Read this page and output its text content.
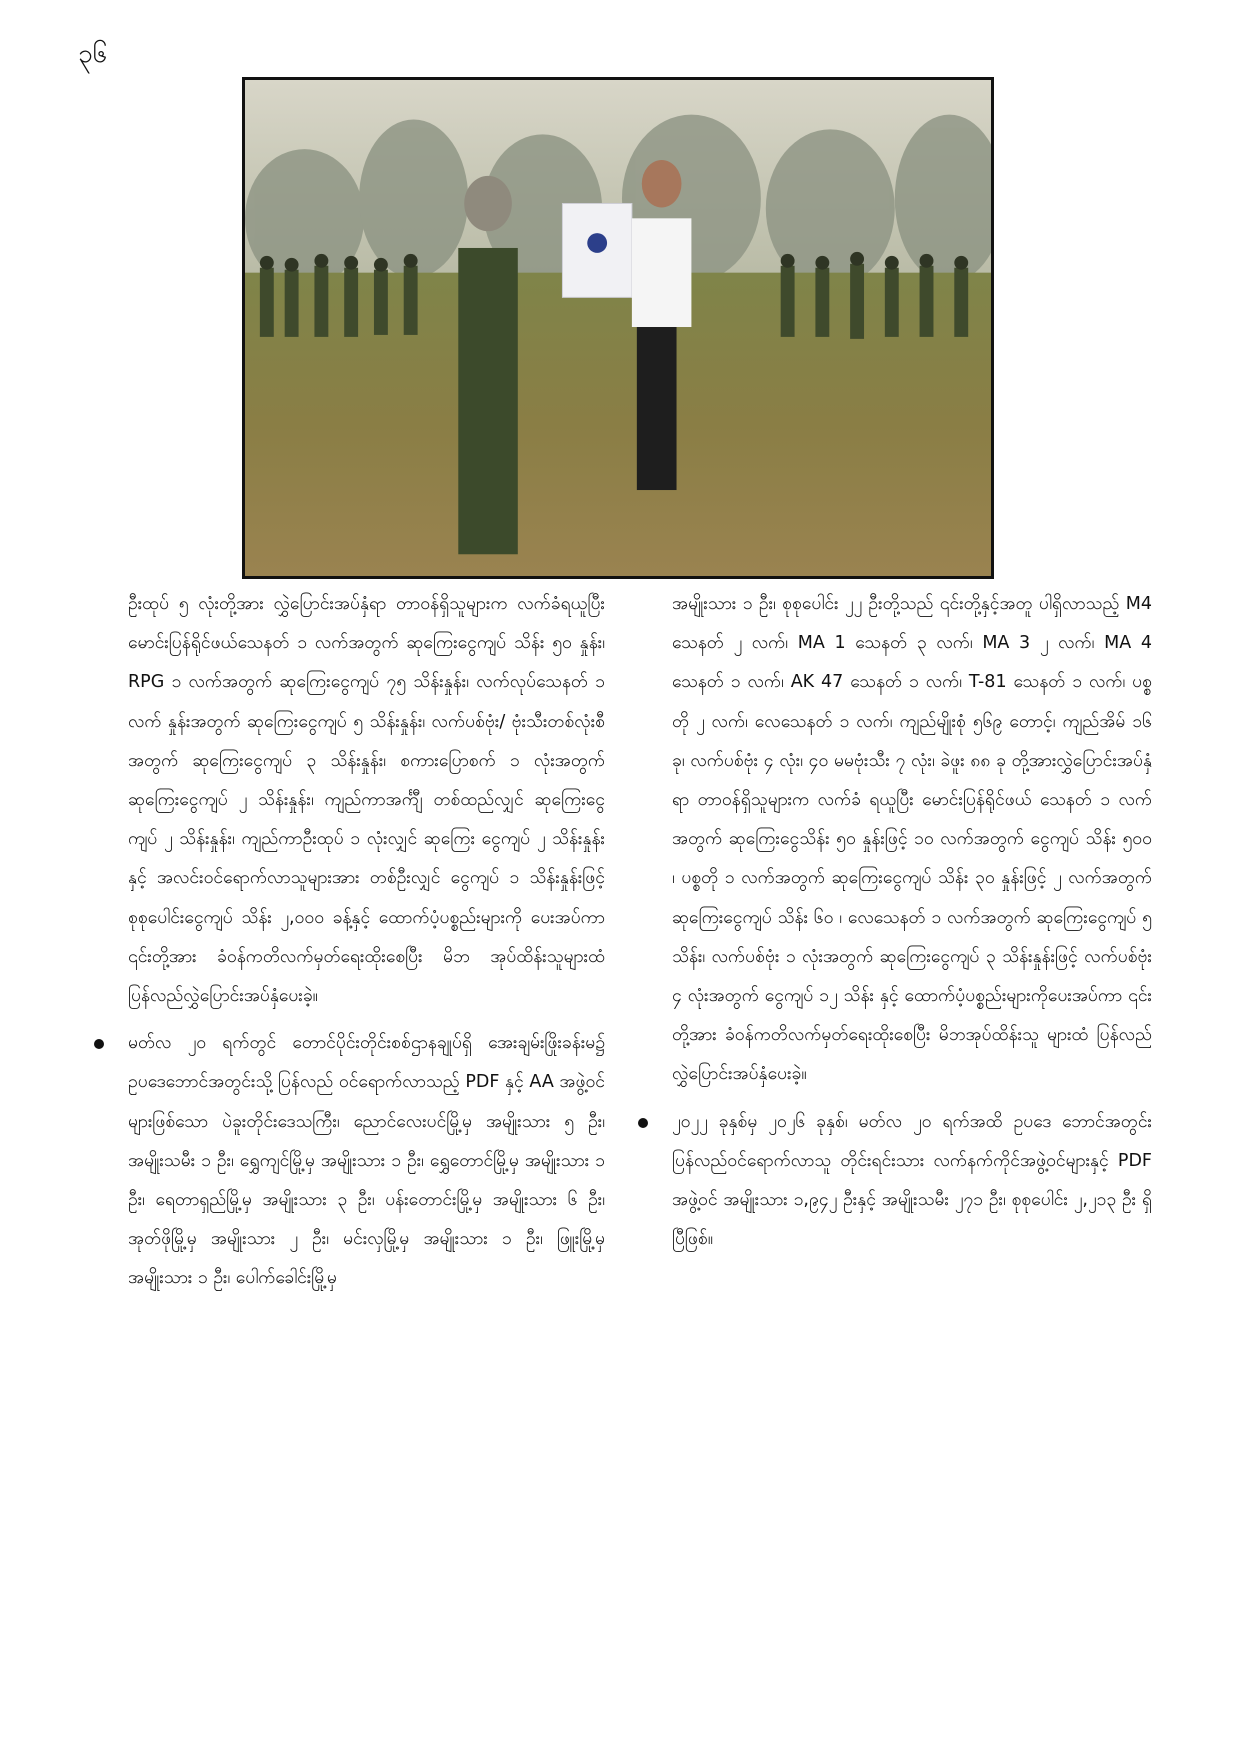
၃၆

ဦးထုပ် ၅ လုံးတို့အား လွှဲပြောင်းအပ်နှံရာ တာဝန်ရှိသူများက လက်ခံရယူပြီး မောင်းပြန်ရိုင်ဖယ်သေနတ် ၁ လက်အတွက် ဆုကြေးငွေကျပ် သိန်း ၅၀ နှုန်း၊ RPG ၁ လက်အတွက် ဆုကြေးငွေကျပ် ၇၅ သိန်းနှုန်း၊ လက်လုပ်သေနတ် ၁ လက် နှုန်းအတွက် ဆုကြေးငွေကျပ် ၅ သိန်းနှုန်း၊ လက်ပစ်ဗုံး/ ဗုံးသီးတစ်လုံးစီအတွက် ဆုကြေးငွေကျပ် ၃ သိန်းနှုန်း၊ စကားပြောစက် ၁ လုံးအတွက် ဆုကြေးငွေကျပ် ၂ သိန်းနှုန်း၊ ကျည်ကာအင်္ကျီ တစ်ထည်လျှင် ဆုကြေးငွေ ကျပ် ၂ သိန်းနှုန်း၊ ကျည်ကာဦးထုပ် ၁ လုံးလျှင် ဆုကြေး ငွေကျပ် ၂ သိန်းနှုန်းနှင့် အလင်းဝင်ရောက်လာသူများအား တစ်ဦးလျှင် ငွေကျပ် ၁ သိန်းနှုန်းဖြင့် စုစုပေါင်းငွေကျပ် သိန်း ၂,၀၀၀ ခန့်နှင့် ထောက်ပံ့ပစ္စည်းများကို ပေးအပ်ကာ ၎င်းတို့အား ခံဝန်ကတိလက်မှတ်ရေးထိုးစေပြီး မိဘ အုပ်ထိန်းသူများထံ ပြန်လည်လွှဲပြောင်းအပ်နှံပေးခဲ့။

မတ်လ ၂၀ ရက်တွင် တောင်ပိုင်းတိုင်းစစ်ဌာနချုပ်ရှိ အေးချမ်းဖြိုးခန်းမ၌ ဥပဒေဘောင်အတွင်းသို့ ပြန်လည် ဝင်ရောက်လာသည့် PDF နှင့် AA အဖွဲ့ဝင်များဖြစ်သော ပဲခူးတိုင်းဒေသကြီး၊ ညောင်လေးပင်မြို့မှ အမျိုးသား ၅ ဦး၊ အမျိုးသမီး ၁ ဦး၊ ရွှေကျင်မြို့မှ အမျိုးသား ၁ ဦး၊ ရွှေတောင်မြို့မှ အမျိုးသား ၁ ဦး၊ ရေတာရှည်မြို့မှ အမျိုးသား ၃ ဦး၊ ပန်းတောင်းမြို့မှ အမျိုးသား ၆ ဦး၊ အုတ်ဖိုမြို့မှ အမျိုးသား ၂ ဦး၊ မင်းလှမြို့မှ အမျိုးသား ၁ ဦး၊ ဖြူးမြို့မှ အမျိုးသား ၁ ဦး၊ ပေါက်ခေါင်းမြို့မှ

အမျိုးသား ၁ ဦး၊ စုစုပေါင်း ၂၂ ဦးတို့သည် ၎င်းတို့နှင့်အတူ ပါရှိလာသည့် M4 သေနတ် ၂ လက်၊ MA 1 သေနတ် ၃ လက်၊ MA 3 ၂ လက်၊ MA 4 သေနတ် ၁ လက်၊ AK 47 သေနတ် ၁ လက်၊ T-81 သေနတ် ၁ လက်၊ ပစ္စတို ၂ လက်၊ လေသေနတ် ၁ လက်၊ ကျည်မျိုးစုံ ၅၆၉ တောင့်၊ ကျည်အိမ် ၁၆ ခု၊ လက်ပစ်ဗုံး ၄ လုံး၊ ၄၀ မမဗုံးသီး ၇ လုံး၊ ခဲဖူး ၈၈ ခု တို့အားလွှဲပြောင်းအပ်နှံရာ တာဝန်ရှိသူများက လက်ခံ ရယူပြီး မောင်းပြန်ရိုင်ဖယ် သေနတ် ၁ လက်အတွက် ဆုကြေးငွေသိန်း ၅၀ နှုန်းဖြင့် ၁၀ လက်အတွက် ငွေကျပ် သိန်း ၅၀၀ ၊ ပစ္စတို ၁ လက်အတွက် ဆုကြေးငွေကျပ် သိန်း ၃၀ နှုန်းဖြင့် ၂ လက်အတွက် ဆုကြေးငွေကျပ် သိန်း ၆၀ ၊ လေသေနတ် ၁ လက်အတွက် ဆုကြေးငွေကျပ် ၅ သိန်း၊ လက်ပစ်ဗုံး ၁ လုံးအတွက် ဆုကြေးငွေကျပ် ၃ သိန်းနှုန်းဖြင့် လက်ပစ်ဗုံး ၄ လုံးအတွက် ငွေကျပ် ၁၂ သိန်း နှင့် ထောက်ပံ့ပစ္စည်းများကိုပေးအပ်ကာ ၎င်းတို့အား ခံဝန်ကတိလက်မှတ်ရေးထိုးစေပြီး မိဘအုပ်ထိန်းသူ များထံ ပြန်လည်လွှဲပြောင်းအပ်နှံပေးခဲ့။

၂၀၂၂ ခုနှစ်မှ ၂၀၂၆ ခုနှစ်၊ မတ်လ ၂၀ ရက်အထိ ဥပဒေ ဘောင်အတွင်း ပြန်လည်ဝင်ရောက်လာသူ တိုင်းရင်းသား လက်နက်ကိုင်အဖွဲ့ဝင်များနှင့် PDF အဖွဲ့ဝင် အမျိုးသား ၁,၉၄၂ ဦးနှင့် အမျိုးသမီး ၂၇၁ ဦး၊ စုစုပေါင်း ၂,၂၁၃ ဦး ရှိပြီဖြစ်။
